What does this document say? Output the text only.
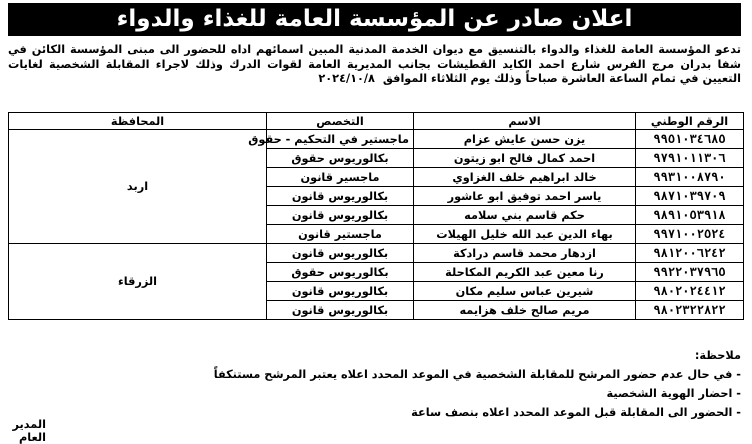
اعلان صادر عن المؤسسة العامة للغذاء والدواء
تدعو المؤسسة العامة للغذاء والدواء بالتنسيق مع ديوان الخدمة المدنية المبين اسمائهم اداه للحضور الى مبنى المؤسسة الكائن في شفا بدران مرج الفرس شارع احمد الكايد القطيشات بجانب المديرية العامة لقوات الدرك وذلك لاجراء المقابلة الشخصية لغايات التعيين في تمام الساعة العاشرة صباحاً وذلك يوم الثلاثاء الموافق ٢٠٢٤/١٠/٨
الرقم الوطني	الاسم	التخصص	المحافظة
٩٩٥١٠٣٤٦٨٥	يزن حسن عايش عزام	ماجستير في التحكيم - حقوق	اربد
٩٧٩١٠١١٣٠٦	احمد كمال فالح ابو زيتون	بكالوريوس حقوق	
٩٩٣١٠٠٨٧٩٠	خالد ابراهيم خلف الغزاوي	ماجسير قانون	
٩٨٧١٠٣٩٧٠٩	ياسر احمد توفيق ابو عاشور	بكالوريوس قانون	
٩٨٩١٠٥٣٩١٨	حكم قاسم بني سلامه	بكالوريوس قانون	
٩٩٧١٠٠٢٥٢٤	بهاء الدين عبد الله خليل الهيلات	ماجستير قانون	
٩٨١٢٠٠٦٢٤٢	ازدهار محمد قاسم درادكة	بكالوريوس قانون	الزرقاء
٩٩٢٢٠٣٧٩٦٥	رنا معين عبد الكريم المكاحلة	بكالوريوس حقوق	
٩٨٠٢٠٢٤٤١٢	شيرين عباس سليم مكان	بكالوريوس قانون	
٩٨٠٢٣٢٢٨٢٢	مريم صالح خلف هزايمه	بكالوريوس قانون	
ملاحظة:
- في حال عدم حضور المرشح للمقابلة الشخصية في الموعد المحدد اعلاه يعتبر المرشح مستنكفاً
- احضار الهوية الشخصية
- الحضور الى المقابلة قبل الموعد المحدد اعلاه بنصف ساعة
المدير العام
